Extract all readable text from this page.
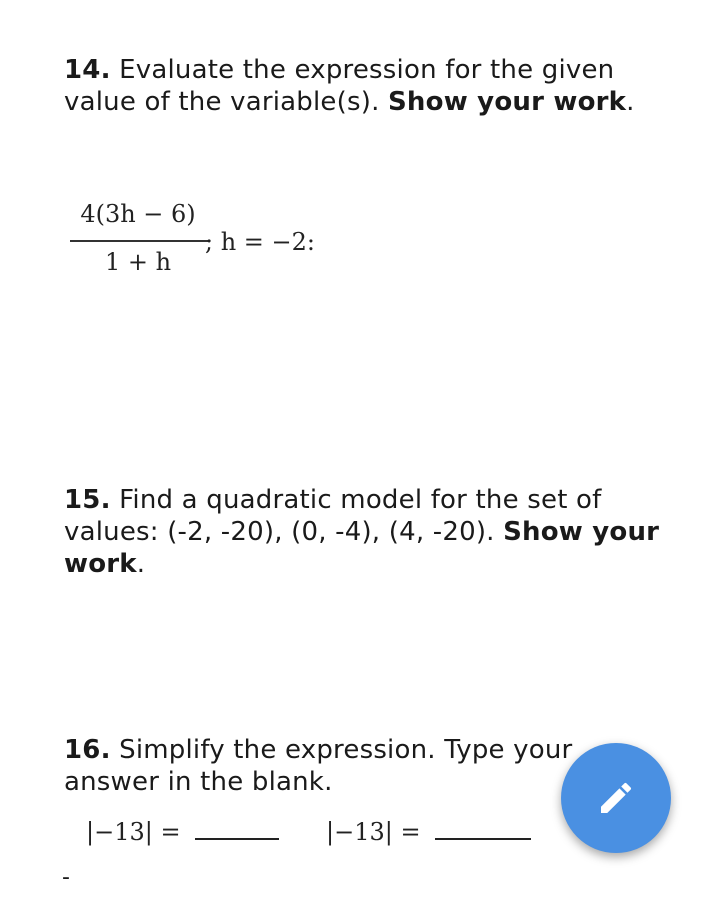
14. Evaluate the expression for the given value of the variable(s). Show your work.
4(3h − 6)
1 + h
; h = −2:
15. Find a quadratic model for the set of values: (-2, -20), (0, -4), (4, -20). Show your work.
16. Simplify the expression. Type your answer in the blank.
|−13| =	|−13| =
-
